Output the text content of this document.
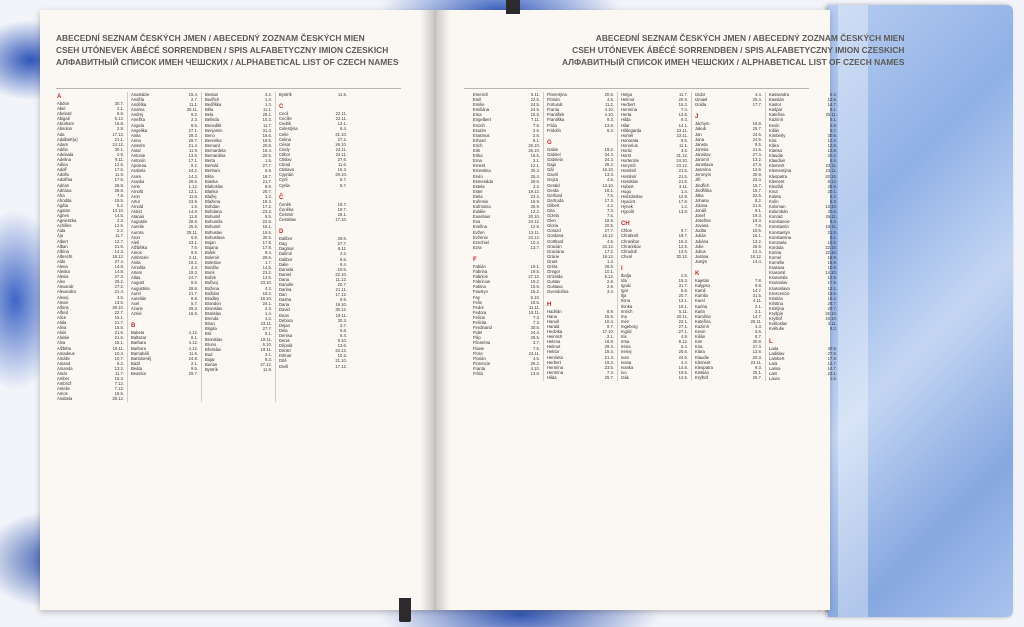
ABECEDNÍ SEZNAM ČESKÝCH JMEN / ABECEDNÝ ZOZNAM ČESKÝCH MIEN
CSEH UTÓNEVEK ÁBÉCÉ SORRENDBEN / SPIS ALFABETYCZNY IMION CZESKICH
АЛФАВИТНЫЙ СПИСОК ИМЕН ЧЕШСКИХ / ALPHABETICAL LIST OF CZECH NAMES
A
Abdon	30.7.
Abel	2.1.
Abelard	5.8.
Abigail	5.12.
Abraham	16.8.
Absolon	2.8.
Ada	17.12.
Adalbert(a)	21.1.
Adam	24.12.
Adéla	30.1.
Adelaida	2.9.
Adelina	9.11.
Adina	12.6.
Adolf	17.6.
Adolfa	11.9.
Adolfína	17.6.
Adrian	26.8.
Adriána	26.8.
Afra	7.8.
Afrodita	19.5.
Agáta	5.2.
Agaton	14.10.
Agnes	14.5.
Agnieszka	2.3.
Achilles	12.5.
Aida	2.2.
Ája	11.7.
Albert	12.7.
Alban	21.6.
Albína	14.3.
Albrecht	16.12.
Aldo	27.4.
Alena	14.8.
Alenka	14.8.
Alesia	27.3.
Alex	25.2.
Alexandr	27.2.
Alexandra	21.4.
Alexej	3.5.
Alexie	13.5.
Alfons	29.10.
Alfred	22.7.
Alice	15.1.
Alida	21.7.
Alina	15.5.
Alois	21.6.
Aloisie	21.6.
Alva	15.1.
Alžběta	19.11.
Amadeus	10.4.
Amálie	10.7.
Amand	6.2.
Amanda	13.2.
Amát	11.7.
Amber	18.3.
Ambrož	7.12.
Amelie	7.12.
Amos	16.5.
Anabela	28.12.
Anastázie	15.4.
Anděla	2.7.
Andělka	11.1.
Andrea	30.11.
Andrej	9.2.
Anežka	2.3.
Angela	8.5.
Angelika	27.1.
Anita	29.3.
Anna	26.7.
Anselm	21.4.
Antal	11.9.
Antonie	13.6.
Antonín	17.1.
Apolena	9.2.
Arabela	24.2.
Aram	14.3.
Aranka	28.5.
Arne	1.12.
Arnošt	12.1.
Aron	11.6.
Artur	23.9.
Arnold	1.6.
Astrid	14.9.
Atanas	11.8.
Augustin	28.8.
Aurelie	25.9.
Aurora	25.11.
Áron	6.9.
Aleš	23.1.
Alžbětka	7.6.
Amos	9.8.
Ambrozie	2.11.
Anita	18.2.
Arnošta	4.3.
Artem	19.3.
Atlas	24.7.
August	6.5.
Augustina	28.8.
Aurel	21.7.
Aurelián	8.8.
Axel	5.7.
Azarie	29.3.
Azriel	16.9.
B
Babeta	4.12.
Baltazar	6.1.
Barbara	4.12.
Barbora	4.12.
Barnabáš	11.6.
Bartoloměj	24.8.
Bazil	2.1.
Beáta	9.5.
Beatrice	29.7.
Beatus	3.2.
Bedřich	1.3.
Bedřiška	1.3.
Běla	11.1.
Bela	28.1.
Belinda	10.3.
Benedikt	11.7.
Benjamin	31.3.
Beno	16.6.
Berenika	18.5.
Bernard	20.8.
Bernardeta	16.4.
Bernardina	20.5.
Berta	1.5.
Bertold	27.7.
Bertram	6.9.
Běta	18.7.
Bianka	21.7.
Blahoslav	8.9.
Blanka	26.7.
Blažej	3.2.
Blažena	18.3.
Bohdan	17.2.
Bohdana	23.2.
Bohumil	9.5.
Bohumila	22.8.
Bohumír	18.1.
Bohuslav	15.5.
Bohuslava	30.5.
Bojan	17.8.
Bojana	17.8.
Bolek	9.4.
Bolemír	28.6.
Boleslav	1.7.
Bonifác	14.5.
Boris	21.2.
Bořek	13.5.
Bořivoj	23.10.
Božena	4.3.
Božidar	16.2.
Bradley	18.10.
Brandon	24.1.
Branislav	2.3.
Bratislav	1.4.
Brenda	4.2.
Brian	23.11.
Brigita	27.7.
Brit	6.1.
Bronislav	19.11.
Bruno	6.10.
Břetislav	19.11.
Bud	3.1.
Bujar	9.3.
Burian	27.12.
Bystrík	11.9.
Bystrík	11.9.
C
Cecil	22.11.
Cecílie	22.11.
Cedrik	13.1.
Celestýna	6.4.
Celie	21.10.
Celina	27.2.
César	26.10.
Cindy	24.11.
Ctibor	23.11.
Ctislav	27.6.
Ctirad	11.6.
Ctislava	15.3.
Cyprián	29.10.
Cyril	5.7.
Cyrila	5.7.
Č
Čeněk	19.7.
Čeněka	19.7.
Čestmír	26.1.
Čestislav	17.10.
D
Dalibor	29.6.
Dag	27.7.
Dagmar	8.11.
Dalimil	2.2.
Dalibor	6.6.
Dalie	9.4.
Daniela	10.5.
Daniel	22.10.
Dana	11.12.
Danuše	20.7.
Darina	21.11.
Dan	17.12.
Dasha	6.9.
Daria	19.10.
David	30.12.
Dean	19.11.
Debora	30.3.
Dejan	3.7.
Dela	6.8.
Denisa	8.4.
Denis	9.10.
Děpold	13.6.
Dimitri	23.12.
Ditmar	10.3.
Dítě	21.10.
Diviš	17.12.
ABECEDNÍ SEZNAM ČESKÝCH JMEN / ABECEDNÝ ZOZNAM ČESKÝCH MIEN
CSEH UTÓNEVEK ÁBÉCÉ SORRENDBEN / SPIS ALFABETYCZNY IMION CZESKICH
АЛФАВИТНЫЙ СПИСОК ИМЕН ЧЕШСКИХ / ALPHABETICAL LIST OF CZECH NAMES
Emerich	5.11.
Emil	22.5.
Emilie	24.5.
Emiliána	24.5.
Ema	18.8.
Engelbert	7.11.
Enoch	7.8.
Erazim	2.6.
Erasmus	2.6.
Erhard	8.1.
Erich	26.10.
Erik	26.10.
Erika	18.5.
Erna	2.1.
Ernest	12.1.
Ernestina	30.3.
Ervín	25.4.
Esmeralda	29.6.
Estela	3.2.
Ester	19.12.
Etela	23.4.
Eufemie	16.9.
Eufrosina	25.9.
Eulálie	12.2.
Eusebius	20.10.
Eva	24.12.
Evelína	12.8.
Evžen	13.11.
Evženie	24.12.
Ezechiel	10.4.
Ezra	13.7.
F
Fabián	19.1.
Fabrina	19.5.
Fabricie	27.12.
Fabricius	19.2.
Fatima	15.6.
Faustyn	15.2.
Fay	6.10.
Felix	18.5.
Fedor	11.11.
Fedora	19.11.
Felicie	7.3.
Felicita	7.3.
Ferdinand	30.5.
Fidel	24.4.
Filip	26.5.
Filoména	3.7.
Flavie	7.5.
Flora	24.11.
Florián	4.5.
Florencie	26.2.
Franta	4.10.
Frída	13.8.
Florentýna	20.6.
Florián	4.5.
Fortunát	11.2.
Franta	4.10.
František	4.10.
Františka	9.3.
Frída	13.8.
Fridolín	6.3.
G
Gabin	19.2.
Gabriel	24.3.
Gabriela	24.3.
Gaja	26.2.
Gál	16.10.
Gavril	13.3.
Gejza	4.5.
Gerald	13.10.
Gerda	16.1.
Gerhard	7.6.
Gertruda	17.3.
Gilbert	4.2.
Gita	7.3.
Gizela	7.5.
Glen	18.5.
Gloria	20.5.
Gorazd	27.7.
Gordana	16.12.
Gotthard	4.5.
Gracián	23.12.
Graciána	17.2.
Grácie	18.12.
Grant	1.3.
Gréta	26.5.
Gregor	10.1.
Grizelda	5.12.
Gustav	2.8.
Gustava	2.8.
Gvendolína	3.4.
H
Hadrián	8.9.
Hana	15.5.
Hanuš	10.4.
Harald	9.7.
Hedvika	17.10.
Heinrich	2.1.
Helena	18.8.
Helmut	29.3.
Hektor	18.4.
Henrieta	21.3.
Herbert	16.3.
Hermína	23.5.
Hermína	7.4.
Hilda	25.7.
Helga	11.7.
Helmut	20.9.
Herbert	15.3.
Hermína	7.4.
Herta	14.6.
Hilda	9.3.
Hilar	14.1.
Hildegarda	22.11.
Homér	22.11.
Honorata	9.5.
Honorius	11.1.
Horác	3.5.
Horst	31.12.
Hortenzie	24.10.
Horymír	23.12.
Hostimil	21.5.
Hostimír	21.5.
Hostislav	21.5.
Hubert	3.11.
Hugo	1.4.
Hvězdoslav	12.9.
Hyacint	17.8.
Hynek	1.2.
Hypolit	13.8.
CH
Chloe	9.7.
Chrabroš	19.7.
Chranibor	15.3.
Chranislav	12.5.
Chrudoš	13.5.
Chval	30.12.
I
Ibolja	2.6.
Ida	15.3.
Ignác	31.7.
Igor	5.6.
Ilja	20.7.
Ilona	13.1.
Ilonka	18.1.
Imrich	5.11.
Ina	20.11.
Inéz	22.1.
Ingeborg	27.1.
Ingrid	27.1.
Iris	4.9.
Irma	9.12.
Irena	5.4.
Irenej	28.6.
Ivan	24.6.
Ivana	4.4.
Ivanka	14.8.
Ivo	19.5.
Izák	12.6.
Izidor	4.4.
Izmael	25.4.
Izolda	17.7.
J
Jáchym	16.8.
Jakub	25.7.
Jan	24.6.
Jana	24.5.
Janeta	8.5.
Jarmila	21.6.
Jaroslav	27.4.
Jaromír	13.2.
Jaroslava	27.4.
Jasmína	12.6.
Jeroným	30.9.
Jiří	23.4.
Jindřich	15.7.
Jindřiška	15.7.
Jitka	22.6.
Johana	8.2.
Jolana	21.6.
Jonáš	9.1.
Josef	19.3.
Josefina	19.3.
Jovana	7.6.
Judita	15.5.
Julián	16.1.
Juliána	13.2.
Julie	26.6.
Julius	12.4.
Justina	18.12.
Justýn	14.4.
K
Kajetán	7.8.
Kalypso	8.8.
Kamil	14.7.
Kamila	31.5.
Karel	4.11.
Karina	2.1.
Karla	2.1.
Karolína	14.7.
Kateřina	25.11.
Kazimír	4.3.
Kevin	3.6.
Kilián	8.7.
Kim	30.8.
Kira	27.4.
Klára	12.8.
Klaudie	20.3.
Klement	23.11.
Kleopatra	9.3.
Kristián	25.1.
Kryštof	25.7.
Kassandra	6.3.
Kassián	13.8.
Kastor	14.7.
Kašpar	6.1.
Kateřina	25.11.
Kazimír	5.1.
Kevin	3.6.
Kilián	8.7.
Kimberly	30.8.
Kira	12.4.
Klára	12.8.
Klarisa	12.8.
Klaudie	20.3.
Klaudius	5.5.
Klement	23.11.
Klementýna	23.11.
Kleopatra	20.10.
Klement	8.12.
Kleofáš	25.9.
Knut	20.1.
Koleta	6.3.
Kolín	6.3.
Koloman	13.10.
Kolumbán	20.5.
Konrád	26.11.
Konstancie	8.4.
Konstantin	19.11.
Konstantýn	21.5.
Konstantina	9.1.
Konzaela	13.5.
Kordula	22.10.
Korina	22.10.
Kornel	16.9.
Kornélie	16.9.
Krasava	10.9.
Krasomil	14.10.
Krasomila	12.9.
Krasoslav	17.9.
Krasoslava	13.1.
Krescencie	15.6.
Kristián	19.4.
Kristina	24.7.
Kristýna	24.7.
Kryšpín	25.10.
Kryštof	18.10.
Květoslav	3.11.
Květuše	6.3.
L
Lada	29.8.
Ladislav	27.6.
Lambert	17.9.
Lara	14.7.
Larisa	14.7.
Lars	23.1.
Laura	1.6.
